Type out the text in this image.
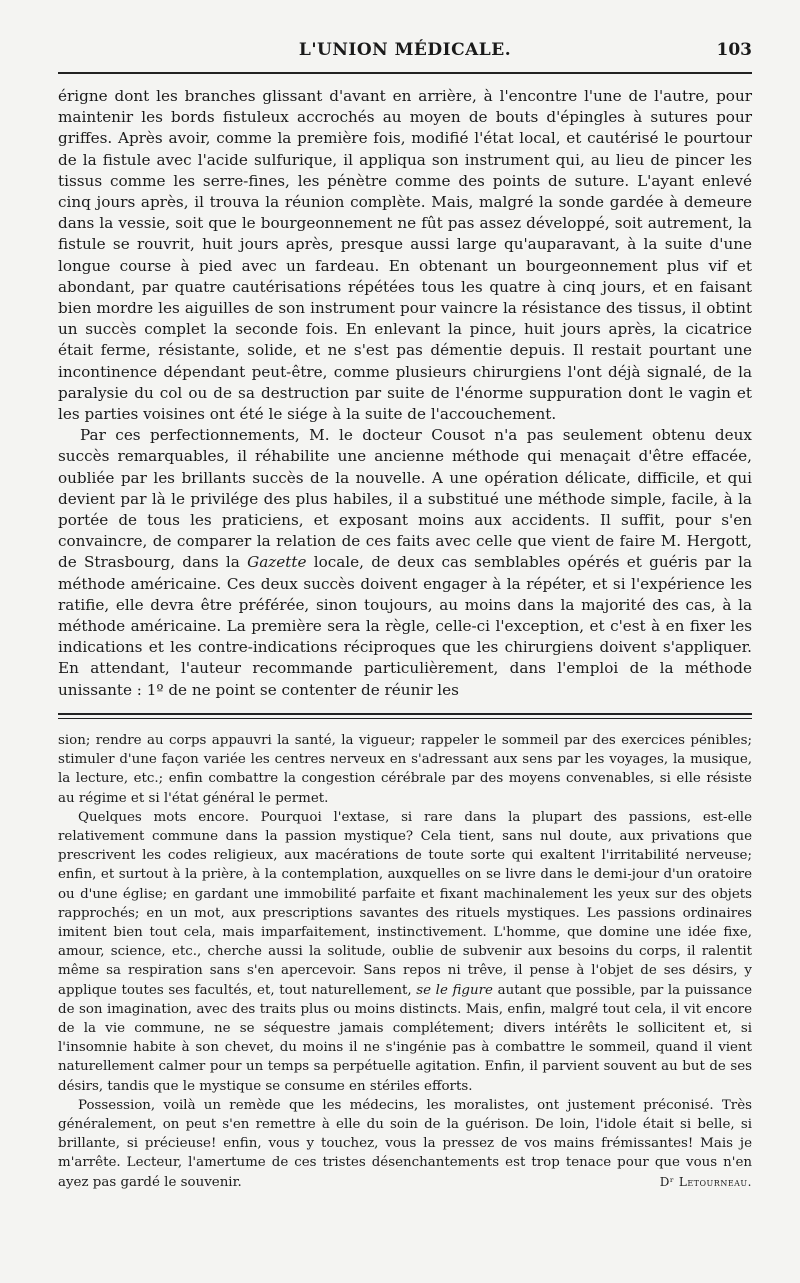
L'UNION MÉDICALE.	103

érigne dont les branches glissant d'avant en arrière, à l'encontre l'une de l'autre, pour maintenir les bords fistuleux accrochés au moyen de bouts d'épingles à sutures pour griffes. Après avoir, comme la première fois, modifié l'état local, et cautérisé le pourtour de la fistule avec l'acide sulfurique, il appliqua son instrument qui, au lieu de pincer les tissus comme les serre-fines, les pénètre comme des points de suture. L'ayant enlevé cinq jours après, il trouva la réunion complète. Mais, malgré la sonde gardée à demeure dans la vessie, soit que le bourgeonnement ne fût pas assez développé, soit autrement, la fistule se rouvrit, huit jours après, presque aussi large qu'auparavant, à la suite d'une longue course à pied avec un fardeau. En obtenant un bourgeonnement plus vif et abondant, par quatre cautérisations répétées tous les quatre à cinq jours, et en faisant bien mordre les aiguilles de son instrument pour vaincre la résistance des tissus, il obtint un succès complet la seconde fois. En enlevant la pince, huit jours après, la cicatrice était ferme, résistante, solide, et ne s'est pas démentie depuis. Il restait pourtant une incontinence dépendant peut-être, comme plusieurs chirurgiens l'ont déjà signalé, de la paralysie du col ou de sa destruction par suite de l'énorme suppuration dont le vagin et les parties voisines ont été le siége à la suite de l'accouchement.

Par ces perfectionnements, M. le docteur Cousot n'a pas seulement obtenu deux succès remarquables, il réhabilite une ancienne méthode qui menaçait d'être effacée, oubliée par les brillants succès de la nouvelle. A une opération délicate, difficile, et qui devient par là le privilége des plus habiles, il a substitué une méthode simple, facile, à la portée de tous les praticiens, et exposant moins aux accidents. Il suffit, pour s'en convaincre, de comparer la relation de ces faits avec celle que vient de faire M. Hergott, de Strasbourg, dans la Gazette locale, de deux cas semblables opérés et guéris par la méthode américaine. Ces deux succès doivent engager à la répéter, et si l'expérience les ratifie, elle devra être préférée, sinon toujours, au moins dans la majorité des cas, à la méthode américaine. La première sera la règle, celle-ci l'exception, et c'est à en fixer les indications et les contre-indications réciproques que les chirurgiens doivent s'appliquer. En attendant, l'auteur recommande particulièrement, dans l'emploi de la méthode unissante : 1º de ne point se contenter de réunir les

sion; rendre au corps appauvri la santé, la vigueur; rappeler le sommeil par des exercices pénibles; stimuler d'une façon variée les centres nerveux en s'adressant aux sens par les voyages, la musique, la lecture, etc.; enfin combattre la congestion cérébrale par des moyens convenables, si elle résiste au régime et si l'état général le permet.

Quelques mots encore. Pourquoi l'extase, si rare dans la plupart des passions, est-elle relativement commune dans la passion mystique? Cela tient, sans nul doute, aux privations que prescrivent les codes religieux, aux macérations de toute sorte qui exaltent l'irritabilité nerveuse; enfin, et surtout à la prière, à la contemplation, auxquelles on se livre dans le demi-jour d'un oratoire ou d'une église; en gardant une immobilité parfaite et fixant machinalement les yeux sur des objets rapprochés; en un mot, aux prescriptions savantes des rituels mystiques. Les passions ordinaires imitent bien tout cela, mais imparfaitement, instinctivement. L'homme, que domine une idée fixe, amour, science, etc., cherche aussi la solitude, oublie de subvenir aux besoins du corps, il ralentit même sa respiration sans s'en apercevoir. Sans repos ni trêve, il pense à l'objet de ses désirs, y applique toutes ses facultés, et, tout naturellement, se le figure autant que possible, par la puissance de son imagination, avec des traits plus ou moins distincts. Mais, enfin, malgré tout cela, il vit encore de la vie commune, ne se séquestre jamais complétement; divers intérêts le sollicitent et, si l'insomnie habite à son chevet, du moins il ne s'ingénie pas à combattre le sommeil, quand il vient naturellement calmer pour un temps sa perpétuelle agitation. Enfin, il parvient souvent au but de ses désirs, tandis que le mystique se consume en stériles efforts.

Possession, voilà un remède que les médecins, les moralistes, ont justement préconisé. Très généralement, on peut s'en remettre à elle du soin de la guérison. De loin, l'idole était si belle, si brillante, si précieuse! enfin, vous y touchez, vous la pressez de vos mains frémissantes! Mais je m'arrête. Lecteur, l'amertume de ces tristes désenchantements est trop tenace pour que vous n'en ayez pas gardé le souvenir.	Dʳ Letourneau.
